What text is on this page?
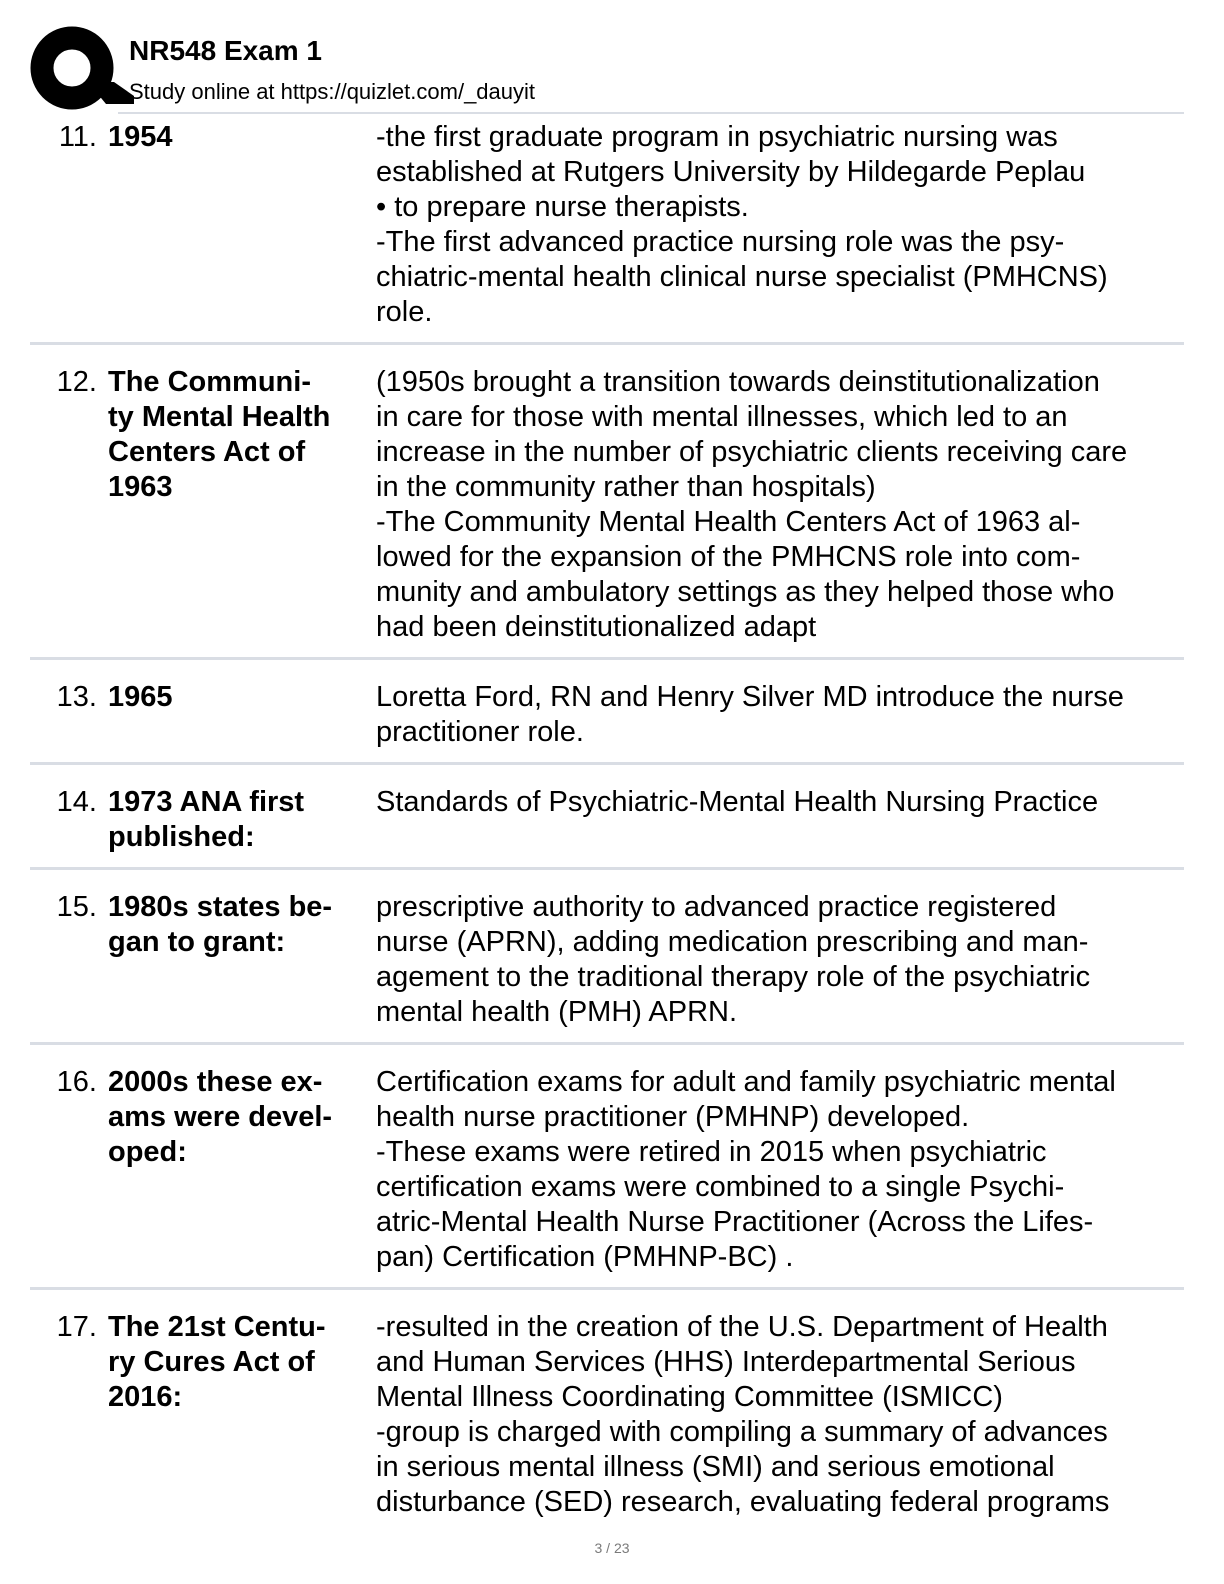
NR548 Exam 1
Study online at https://quizlet.com/_dauyit
11. 1954	-the first graduate program in psychiatric nursing was
established at Rutgers University by Hildegarde Peplau
• to prepare nurse therapists.
-The first advanced practice nursing role was the psy-
chiatric-mental health clinical nurse specialist (PMHCNS)
role.
12. The Communi-
ty Mental Health
Centers Act of
1963
(1950s brought a transition towards deinstitutionalization
in care for those with mental illnesses, which led to an
increase in the number of psychiatric clients receiving care
in the community rather than hospitals)
-The Community Mental Health Centers Act of 1963 al-
lowed for the expansion of the PMHCNS role into com-
munity and ambulatory settings as they helped those who
had been deinstitutionalized adapt
13. 1965	Loretta Ford, RN and Henry Silver MD introduce the nurse
practitioner role.
14. 1973 ANA first
published:
Standards of Psychiatric-Mental Health Nursing Practice
15. 1980s states be-
gan to grant:
prescriptive authority to advanced practice registered
nurse (APRN), adding medication prescribing and man-
agement to the traditional therapy role of the psychiatric
mental health (PMH) APRN.
16. 2000s these ex-
ams were devel-
oped:
Certification exams for adult and family psychiatric mental
health nurse practitioner (PMHNP) developed.
-These exams were retired in 2015 when psychiatric
certification exams were combined to a single Psychi-
atric-Mental Health Nurse Practitioner (Across the Lifes-
pan) Certification (PMHNP-BC) .
17. The 21st Centu-
ry Cures Act of
2016:
-resulted in the creation of the U.S. Department of Health
and Human Services (HHS) Interdepartmental Serious
Mental Illness Coordinating Committee (ISMICC)
-group is charged with compiling a summary of advances
in serious mental illness (SMI) and serious emotional
disturbance (SED) research, evaluating federal programs
3 / 23
